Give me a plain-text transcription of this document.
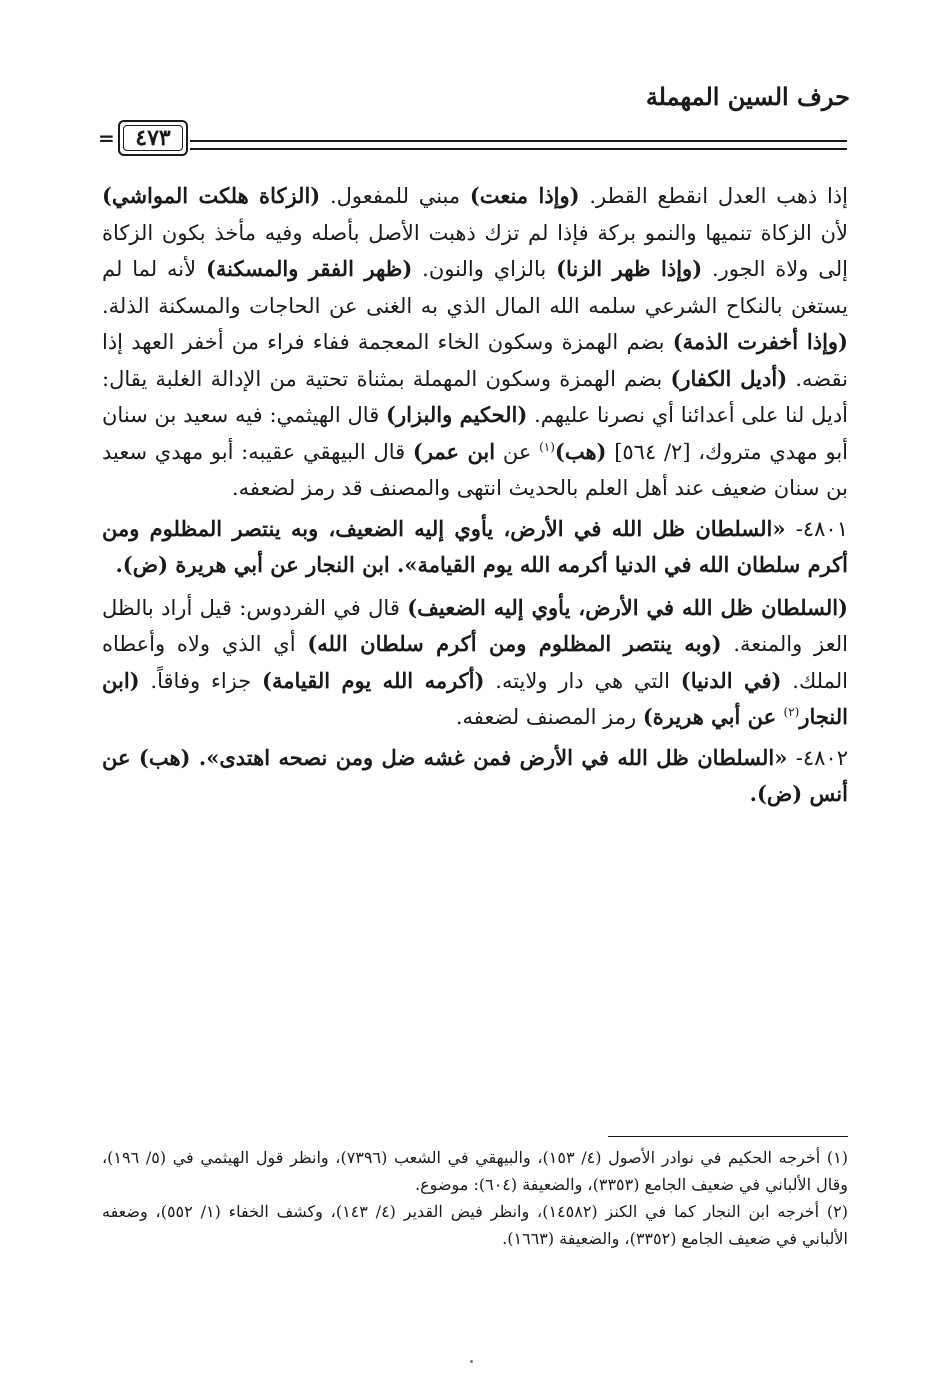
حرف السين المهملة
= ٤٧٣

إذا ذهب العدل انقطع القطر. (وإذا منعت) مبني للمفعول. (الزكاة هلكت المواشي) لأن الزكاة تنميها والنمو بركة فإذا لم تزك ذهبت الأصل بأصله وفيه مأخذ بكون الزكاة إلى ولاة الجور. (وإذا ظهر الزنا) بالزاي والنون. (ظهر الفقر والمسكنة) لأنه لما لم يستغن بالنكاح الشرعي سلمه الله المال الذي به الغنى عن الحاجات والمسكنة الذلة. (وإذا أخفرت الذمة) بضم الهمزة وسكون الخاء المعجمة ففاء فراء من أخفر العهد إذا نقضه. (أديل الكفار) بضم الهمزة وسكون المهملة بمثناة تحتية من الإدالة الغلبة يقال: أديل لنا على أعدائنا أي نصرنا عليهم. (الحكيم والبزار) قال الهيثمي: فيه سعيد بن سنان أبو مهدي متروك، [٢/ ٥٦٤] (هب)$^{(١)}$ عن ابن عمر) قال البيهقي عقيبه: أبو مهدي سعيد بن سنان ضعيف عند أهل العلم بالحديث انتهى والمصنف قد رمز لضعفه.

٤٨٠١- «السلطان ظل الله في الأرض، يأوي إليه الضعيف، وبه ينتصر المظلوم ومن أكرم سلطان الله في الدنيا أكرمه الله يوم القيامة». ابن النجار عن أبي هريرة (ض).

(السلطان ظل الله في الأرض، يأوي إليه الضعيف) قال في الفردوس: قيل أراد بالظل العز والمنعة. (وبه ينتصر المظلوم ومن أكرم سلطان الله) أي الذي ولاه وأعطاه الملك. (في الدنيا) التي هي دار ولايته. (أكرمه الله يوم القيامة) جزاء وفاقاً. (ابن النجار$^{(٢)}$ عن أبي هريرة) رمز المصنف لضعفه.

٤٨٠٢- «السلطان ظل الله في الأرض فمن غشه ضل ومن نصحه اهتدى». (هب) عن أنس (ض).

(١) أخرجه الحكيم في نوادر الأصول (٤/ ١٥٣)، والبيهقي في الشعب (٧٣٩٦)، وانظر قول الهيثمي في (٥/ ١٩٦)، وقال الألباني في ضعيف الجامع (٣٣٥٣)، والضعيفة (٦٠٤): موضوع.

(٢) أخرجه ابن النجار كما في الكنز (١٤٥٨٢)، وانظر فيض القدير (٤/ ١٤٣)، وكشف الخفاء (١/ ٥٥٢)، وضعفه الألباني في ضعيف الجامع (٣٣٥٢)، والضعيفة (١٦٦٣).
